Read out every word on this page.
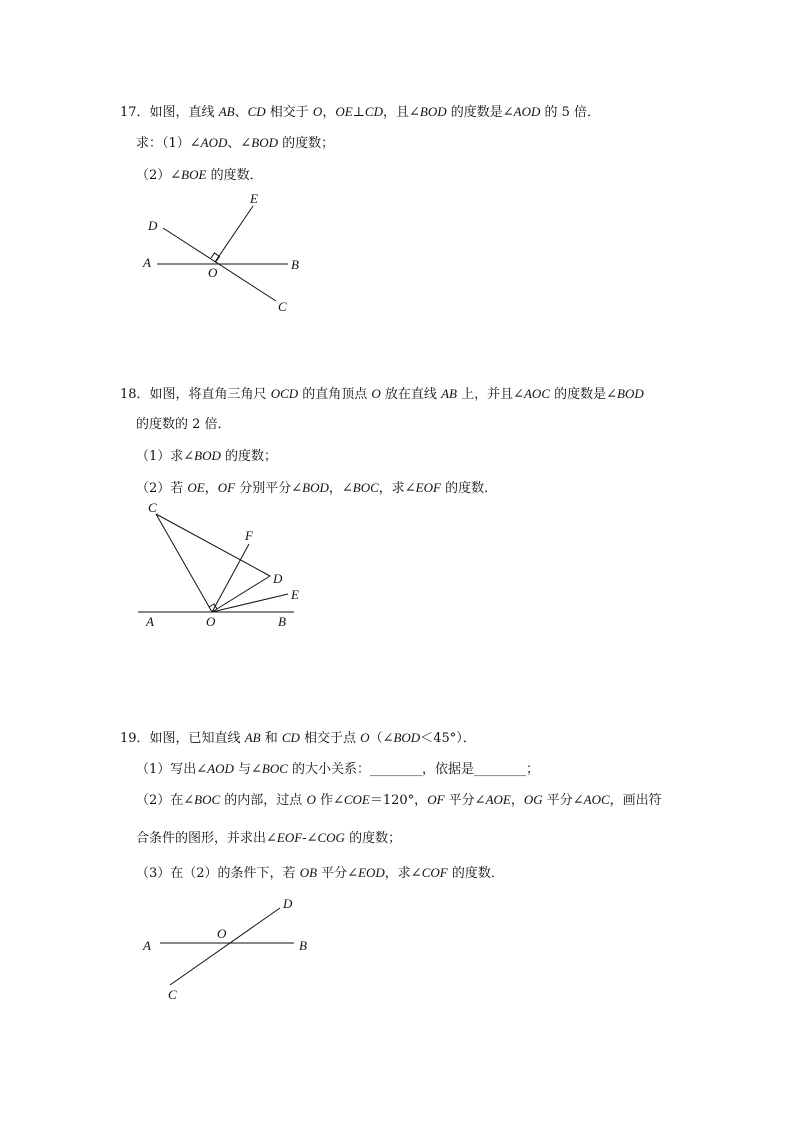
17．如图，直线 AB、CD 相交于 O，OE⊥CD，且∠BOD 的度数是∠AOD 的 5 倍．
求：（1）∠AOD、∠BOD 的度数；
（2）∠BOE 的度数．
D
E
A	B
O
C
18．如图，将直角三角尺 OCD 的直角顶点 O 放在直线 AB 上，并且∠AOC 的度数是∠BOD
的度数的 2 倍．
（1）求∠BOD 的度数；
（2）若 OE，OF 分别平分∠BOD，∠BOC，求∠EOF 的度数．
C
F
D
E
A	O	B
19．如图，已知直线 AB 和 CD 相交于点 O（∠BOD＜45°）．
（1）写出∠AOD 与∠BOC 的大小关系：________，依据是________；
（2）在∠BOC 的内部，过点 O 作∠COE＝120°，OF 平分∠AOE，OG 平分∠AOC，画出符
合条件的图形，并求出∠EOF-∠COG 的度数；
（3）在（2）的条件下，若 OB 平分∠EOD，求∠COF 的度数．
D
O
A	B
C
